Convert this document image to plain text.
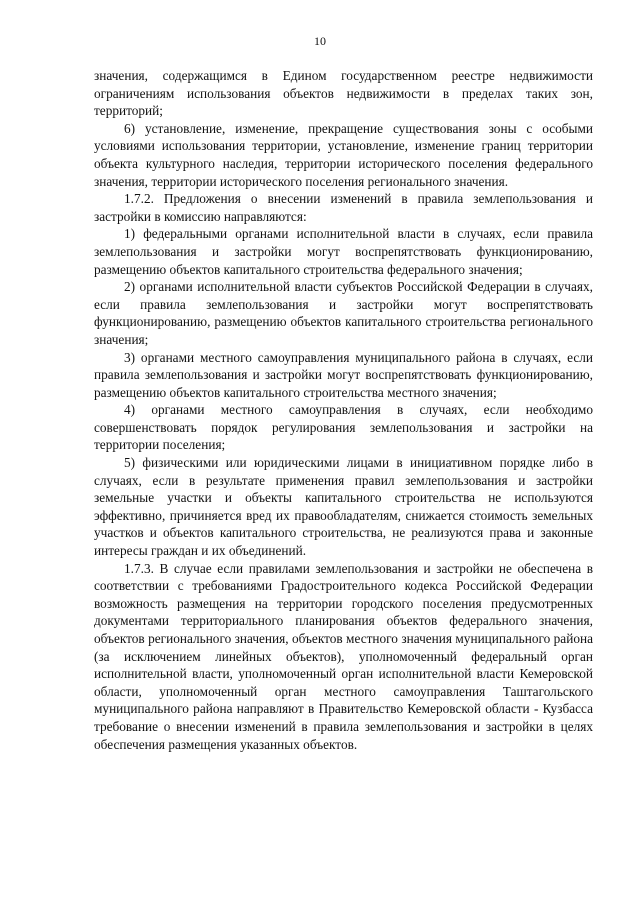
10

значения, содержащимся в Едином государственном реестре недвижимости ограничениям использования объектов недвижимости в пределах таких зон, территорий;

6) установление, изменение, прекращение существования зоны с особыми условиями использования территории, установление, изменение границ территории объекта культурного наследия, территории исторического поселения федерального значения, территории исторического поселения регионального значения.

1.7.2. Предложения о внесении изменений в правила землепользования и застройки в комиссию направляются:

1) федеральными органами исполнительной власти в случаях, если правила землепользования и застройки могут воспрепятствовать функционированию, размещению объектов капитального строительства федерального значения;

2) органами исполнительной власти субъектов Российской Федерации в случаях, если правила землепользования и застройки могут воспрепятствовать функционированию, размещению объектов капитального строительства регионального значения;

3) органами местного самоуправления муниципального района в случаях, если правила землепользования и застройки могут воспрепятствовать функционированию, размещению объектов капитального строительства местного значения;

4) органами местного самоуправления в случаях, если необходимо совершенствовать порядок регулирования землепользования и застройки на территории поселения;

5) физическими или юридическими лицами в инициативном порядке либо в случаях, если в результате применения правил землепользования и застройки земельные участки и объекты капитального строительства не используются эффективно, причиняется вред их правообладателям, снижается стоимость земельных участков и объектов капитального строительства, не реализуются права и законные интересы граждан и их объединений.

1.7.3. В случае если правилами землепользования и застройки не обеспечена в соответствии с требованиями Градостроительного кодекса Российской Федерации возможность размещения на территории городского поселения предусмотренных документами территориального планирования объектов федерального значения, объектов регионального значения, объектов местного значения муниципального района (за исключением линейных объектов), уполномоченный федеральный орган исполнительной власти, уполномоченный орган исполнительной власти Кемеровской области, уполномоченный орган местного самоуправления Таштагольского муниципального района направляют в Правительство Кемеровской области - Кузбасса требование о внесении изменений в правила землепользования и застройки в целях обеспечения размещения указанных объектов.
